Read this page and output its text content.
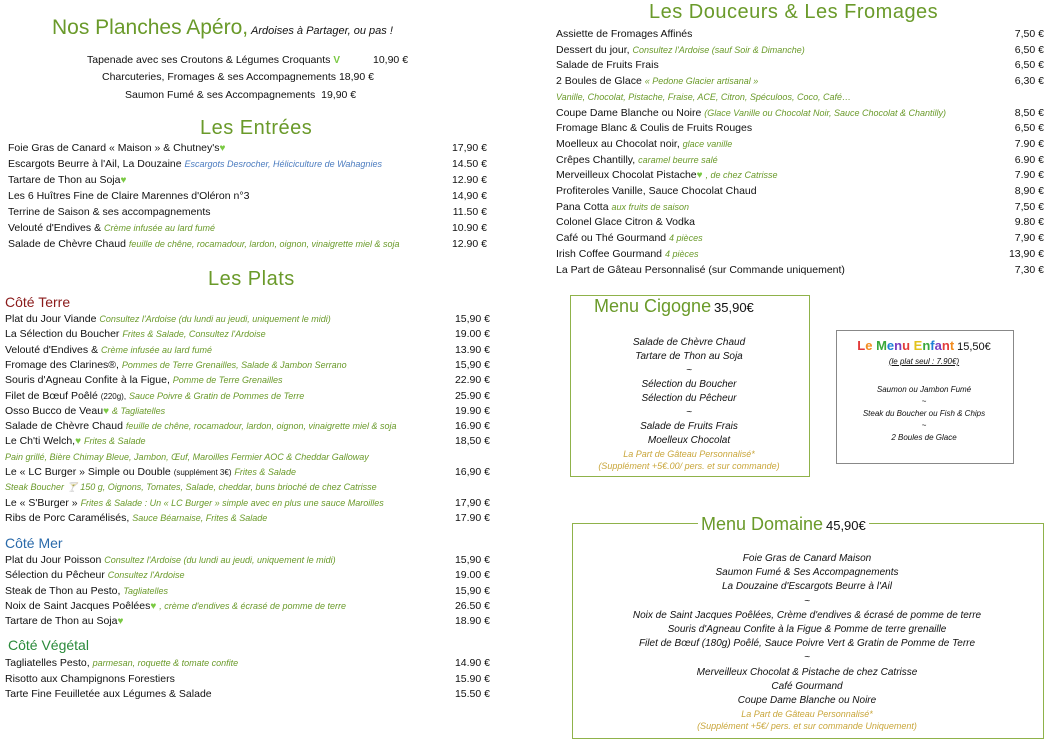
Nos Planches Apéro, Ardoises à Partager, ou pas !
Tapenade avec ses Croutons & Légumes Croquants V	10,90 €
Charcuteries, Fromages & ses Accompagnements 18,90 €
Saumon Fumé & ses Accompagnements 19,90 €
Les Entrées
Foie Gras de Canard « Maison » & Chutney's♥	17,90 €
Escargots Beurre à l'Ail, La Douzaine Escargots Desrocher, Héliciculture de Wahagnies	14.50 €
Tartare de Thon au Soja♥	12.90 €
Les 6 Huîtres Fine de Claire Marennes d'Oléron n°3	14,90 €
Terrine de Saison & ses accompagnements	11.50 €
Velouté d'Endives & Crème infusée au lard fumé	10.90 €
Salade de Chèvre Chaud feuille de chêne, rocamadour, lardon, oignon, vinaigrette miel & soja	12.90 €
Les Plats
Côté Terre
Plat du Jour Viande Consultez l'Ardoise (du lundi au jeudi, uniquement le midi)	15,90 €
La Sélection du Boucher Frites & Salade, Consultez l'Ardoise	19.00 €
Velouté d'Endives & Crème infusée au lard fumé	13.90 €
Fromage des Clarines®, Pommes de Terre Grenailles, Salade & Jambon Serrano	15,90 €
Souris d'Agneau Confite à la Figue, Pomme de Terre Grenailles	22.90 €
Filet de Bœuf Poêlé (220g), Sauce Poivre & Gratin de Pommes de Terre	25.90 €
Osso Bucco de Veau♥ & Tagliatelles	19.90 €
Salade de Chèvre Chaud feuille de chêne, rocamadour, lardon, oignon, vinaigrette miel & soja	16.90 €
Le Ch'ti Welch,♥ Frites & Salade	18,50 €
Pain grillé, Bière Chimay Bleue, Jambon, Œuf, Maroilles Fermier AOC & Cheddar Galloway
Le « LC Burger » Simple ou Double (supplément 3€) Frites & Salade	16,90 €
Steak Boucher 🍸 150 g, Oignons, Tomates, Salade, cheddar, buns brioché de chez Catrisse
Le « S'Burger » Frites & Salade : Un « LC Burger » simple avec en plus une sauce Maroilles	17,90 €
Ribs de Porc Caramélisés, Sauce Béarnaise, Frites & Salade	17.90 €
Côté Mer
Plat du Jour Poisson Consultez l'Ardoise (du lundi au jeudi, uniquement le midi)	15,90 €
Sélection du Pêcheur Consultez l'Ardoise	19.00 €
Steak de Thon au Pesto, Tagliatelles	15,90 €
Noix de Saint Jacques Poêlées♥ , crème d'endives & écrasé de pomme de terre	26.50 €
Tartare de Thon au Soja♥	18.90 €
Côté Végétal
Tagliatelles Pesto, parmesan, roquette & tomate confite	14.90 €
Risotto aux Champignons Forestiers	15.90 €
Tarte Fine Feuilletée aux Légumes & Salade	15.50 €
Les Douceurs & Les Fromages
Assiette de Fromages Affinés	7,50 €
Dessert du jour, Consultez l'Ardoise (sauf Soir & Dimanche)	6,50 €
Salade de Fruits Frais	6,50 €
2 Boules de Glace « Pedone Glacier artisanal »	6,30 €
Vanille, Chocolat, Pistache, Fraise, ACE, Citron, Spéculoos, Coco, Café…
Coupe Dame Blanche ou Noire (Glace Vanille ou Chocolat Noir, Sauce Chocolat & Chantilly)	8,50 €
Fromage Blanc & Coulis de Fruits Rouges	6,50 €
Moelleux au Chocolat noir, glace vanille	7.90 €
Crêpes Chantilly, caramel beurre salé	6.90 €
Merveilleux Chocolat Pistache♥ , de chez Catrisse	7.90 €
Profiteroles Vanille, Sauce Chocolat Chaud	8,90 €
Pana Cotta aux fruits de saison	7,50 €
Colonel Glace Citron & Vodka	9.80 €
Café ou Thé Gourmand 4 pièces	7,90 €
Irish Coffee Gourmand 4 pièces	13,90 €
La Part de Gâteau Personnalisé (sur Commande uniquement)	7,30 €
Menu Cigogne 35,90€
Salade de Chèvre Chaud
Tartare de Thon au Soja
~
Sélection du Boucher
Sélection du Pêcheur
~
Salade de Fruits Frais
Moelleux Chocolat
La Part de Gâteau Personnalisé*
(Supplément +5€.00/ pers. et sur commande)
Le Menu Enfant 15,50€
(le plat seul : 7.90€)
Saumon ou Jambon Fumé
~
Steak du Boucher ou Fish & Chips
~
2 Boules de Glace
Menu Domaine 45,90€
Foie Gras de Canard Maison
Saumon Fumé & Ses Accompagnements
La Douzaine d'Escargots Beurre à l'Ail
~
Noix de Saint Jacques Poêlées, Crème d'endives & écrasé de pomme de terre
Souris d'Agneau Confite à la Figue & Pomme de terre grenaille
Filet de Bœuf (180g) Poêlé, Sauce Poivre Vert & Gratin de Pomme de Terre
~
Merveilleux Chocolat & Pistache de chez Catrisse
Café Gourmand
Coupe Dame Blanche ou Noire
La Part de Gâteau Personnalisé*
(Supplément +5€/ pers. et sur commande Uniquement)
